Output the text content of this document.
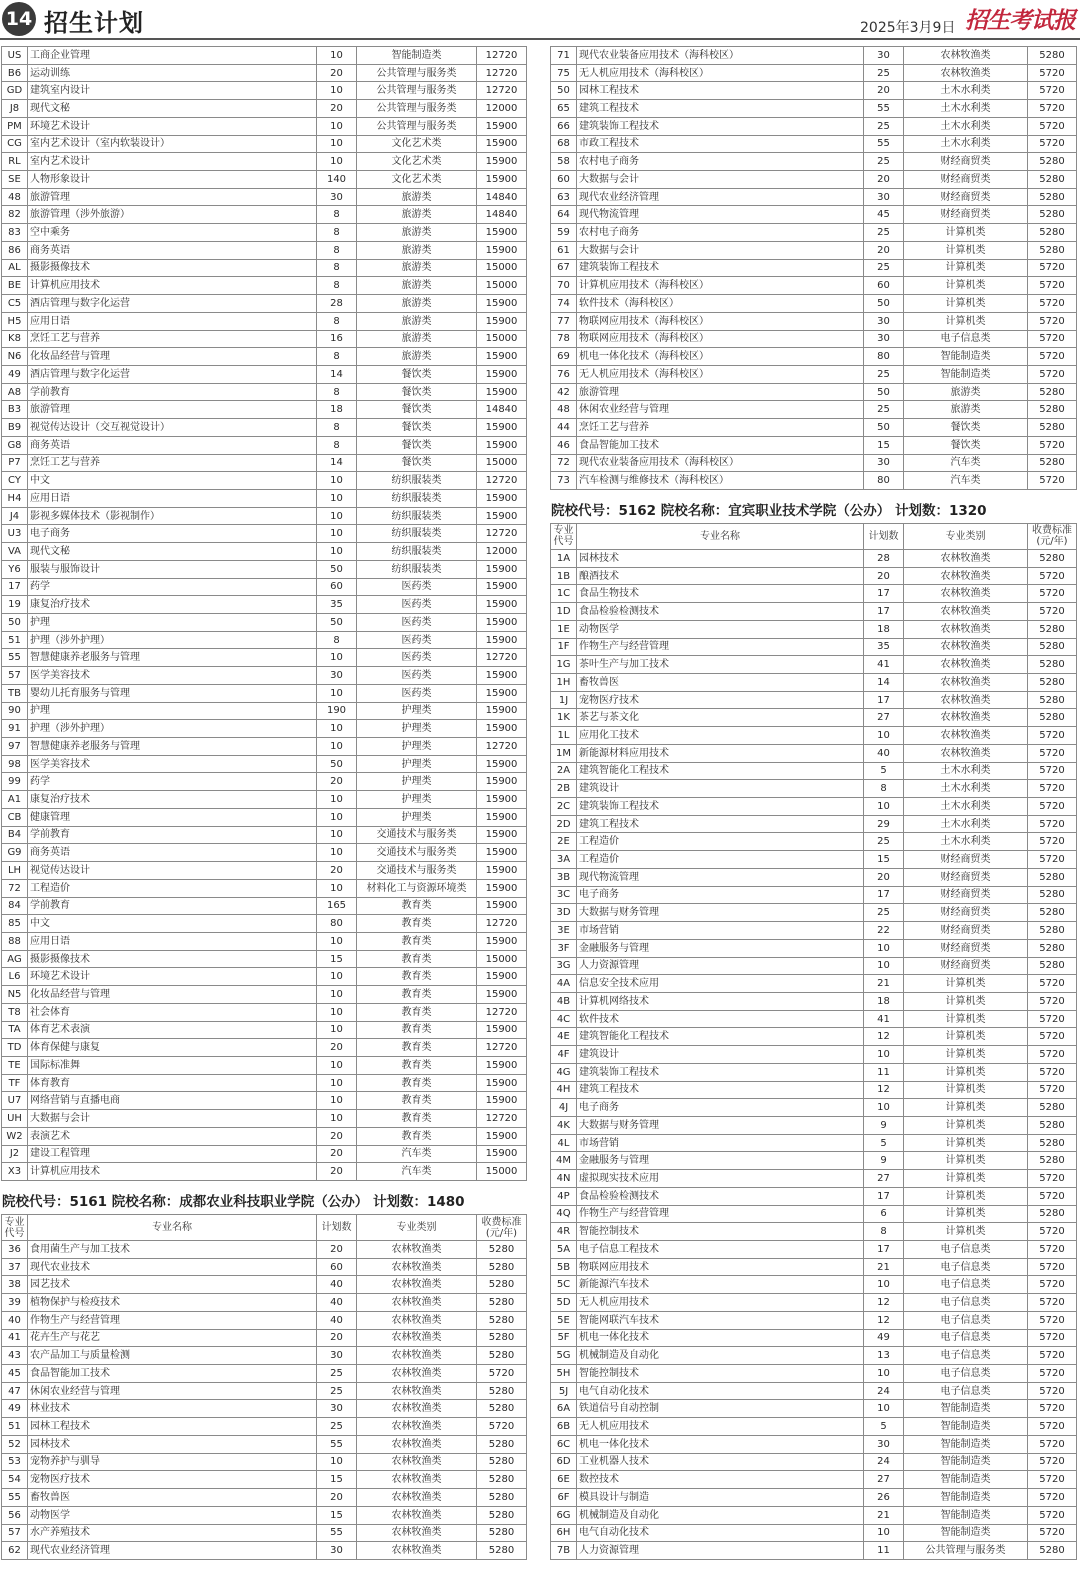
14 招生计划	2025年3月9日 招生考试报
US	工商企业管理	10	智能制造类	12720
B6	运动训练	20	公共管理与服务类	12720
GD	建筑室内设计	10	公共管理与服务类	12720
J8	现代文秘	20	公共管理与服务类	12000
PM	环境艺术设计	10	公共管理与服务类	15900
CG	室内艺术设计（室内软装设计）	10	文化艺术类	15900
RL	室内艺术设计	10	文化艺术类	15900
SE	人物形象设计	140	文化艺术类	15900
48	旅游管理	30	旅游类	14840
82	旅游管理（涉外旅游）	8	旅游类	14840
83	空中乘务	8	旅游类	15900
86	商务英语	8	旅游类	15900
AL	摄影摄像技术	8	旅游类	15000
BE	计算机应用技术	8	旅游类	15000
C5	酒店管理与数字化运营	28	旅游类	15900
H5	应用日语	8	旅游类	15900
K8	烹饪工艺与营养	16	旅游类	15000
N6	化妆品经营与管理	8	旅游类	15900
49	酒店管理与数字化运营	14	餐饮类	15900
A8	学前教育	8	餐饮类	15900
B3	旅游管理	18	餐饮类	14840
B9	视觉传达设计（交互视觉设计）	8	餐饮类	15900
G8	商务英语	8	餐饮类	15900
P7	烹饪工艺与营养	14	餐饮类	15000
CY	中文	10	纺织服装类	12720
H4	应用日语	10	纺织服装类	15900
J4	影视多媒体技术（影视制作）	10	纺织服装类	15900
U3	电子商务	10	纺织服装类	12720
VA	现代文秘	10	纺织服装类	12000
Y6	服装与服饰设计	50	纺织服装类	15900
17	药学	60	医药类	15900
19	康复治疗技术	35	医药类	15900
50	护理	50	医药类	15900
51	护理（涉外护理）	8	医药类	15900
55	智慧健康养老服务与管理	10	医药类	12720
57	医学美容技术	30	医药类	15900
TB	婴幼儿托育服务与管理	10	医药类	15900
90	护理	190	护理类	15900
91	护理（涉外护理）	10	护理类	15900
97	智慧健康养老服务与管理	10	护理类	12720
98	医学美容技术	50	护理类	15900
99	药学	20	护理类	15900
A1	康复治疗技术	10	护理类	15900
CB	健康管理	10	护理类	15900
B4	学前教育	10	交通技术与服务类	15900
G9	商务英语	10	交通技术与服务类	15900
LH	视觉传达设计	20	交通技术与服务类	15900
72	工程造价	10	材料化工与资源环境类	15900
84	学前教育	165	教育类	15900
85	中文	80	教育类	12720
88	应用日语	10	教育类	15900
AG	摄影摄像技术	15	教育类	15000
L6	环境艺术设计	10	教育类	15900
N5	化妆品经营与管理	10	教育类	15900
T8	社会体育	10	教育类	12720
TA	体育艺术表演	10	教育类	15900
TD	体育保健与康复	20	教育类	12720
TE	国际标准舞	10	教育类	15900
TF	体育教育	10	教育类	15900
U7	网络营销与直播电商	10	教育类	15900
UH	大数据与会计	10	教育类	12720
W2	表演艺术	20	教育类	15900
J2	建设工程管理	20	汽车类	15900
X3	计算机应用技术	20	汽车类	15000
院校代号：5161 院校名称：成都农业科技职业学院（公办） 计划数：1480
专业代号	专业名称	计划数	专业类别	收费标准(元/年)
36	食用菌生产与加工技术	20	农林牧渔类	5280
37	现代农业技术	60	农林牧渔类	5280
38	园艺技术	40	农林牧渔类	5280
39	植物保护与检疫技术	40	农林牧渔类	5280
40	作物生产与经营管理	40	农林牧渔类	5280
41	花卉生产与花艺	20	农林牧渔类	5280
43	农产品加工与质量检测	30	农林牧渔类	5280
45	食品智能加工技术	25	农林牧渔类	5720
47	休闲农业经营与管理	25	农林牧渔类	5280
49	林业技术	30	农林牧渔类	5280
51	园林工程技术	25	农林牧渔类	5720
52	园林技术	55	农林牧渔类	5280
53	宠物养护与驯导	10	农林牧渔类	5280
54	宠物医疗技术	15	农林牧渔类	5280
55	畜牧兽医	20	农林牧渔类	5280
56	动物医学	15	农林牧渔类	5280
57	水产养殖技术	55	农林牧渔类	5280
62	现代农业经济管理	30	农林牧渔类	5280
71	现代农业装备应用技术（海科校区）	30	农林牧渔类	5280
75	无人机应用技术（海科校区）	25	农林牧渔类	5720
50	园林工程技术	20	土木水利类	5720
65	建筑工程技术	55	土木水利类	5720
66	建筑装饰工程技术	25	土木水利类	5720
68	市政工程技术	55	土木水利类	5720
58	农村电子商务	25	财经商贸类	5280
60	大数据与会计	20	财经商贸类	5280
63	现代农业经济管理	30	财经商贸类	5280
64	现代物流管理	45	财经商贸类	5280
59	农村电子商务	25	计算机类	5280
61	大数据与会计	20	计算机类	5280
67	建筑装饰工程技术	25	计算机类	5720
70	计算机应用技术（海科校区）	60	计算机类	5720
74	软件技术（海科校区）	50	计算机类	5720
77	物联网应用技术（海科校区）	30	计算机类	5720
78	物联网应用技术（海科校区）	30	电子信息类	5720
69	机电一体化技术（海科校区）	80	智能制造类	5720
76	无人机应用技术（海科校区）	25	智能制造类	5720
42	旅游管理	50	旅游类	5280
48	休闲农业经营与管理	25	旅游类	5280
44	烹饪工艺与营养	50	餐饮类	5280
46	食品智能加工技术	15	餐饮类	5720
72	现代农业装备应用技术（海科校区）	30	汽车类	5280
73	汽车检测与维修技术（海科校区）	80	汽车类	5720
院校代号：5162 院校名称：宜宾职业技术学院（公办） 计划数：1320
专业代号	专业名称	计划数	专业类别	收费标准(元/年)
1A	园林技术	28	农林牧渔类	5280
1B	酿酒技术	20	农林牧渔类	5720
1C	食品生物技术	17	农林牧渔类	5720
1D	食品检验检测技术	17	农林牧渔类	5720
1E	动物医学	18	农林牧渔类	5280
1F	作物生产与经营管理	35	农林牧渔类	5280
1G	茶叶生产与加工技术	41	农林牧渔类	5280
1H	畜牧兽医	14	农林牧渔类	5280
1J	宠物医疗技术	17	农林牧渔类	5280
1K	茶艺与茶文化	27	农林牧渔类	5280
1L	应用化工技术	10	农林牧渔类	5720
1M	新能源材料应用技术	40	农林牧渔类	5720
2A	建筑智能化工程技术	5	土木水利类	5720
2B	建筑设计	8	土木水利类	5720
2C	建筑装饰工程技术	10	土木水利类	5720
2D	建筑工程技术	29	土木水利类	5720
2E	工程造价	25	土木水利类	5720
3A	工程造价	15	财经商贸类	5720
3B	现代物流管理	20	财经商贸类	5280
3C	电子商务	17	财经商贸类	5280
3D	大数据与财务管理	25	财经商贸类	5280
3E	市场营销	22	财经商贸类	5280
3F	金融服务与管理	10	财经商贸类	5280
3G	人力资源管理	10	财经商贸类	5280
4A	信息安全技术应用	21	计算机类	5720
4B	计算机网络技术	18	计算机类	5720
4C	软件技术	41	计算机类	5720
4E	建筑智能化工程技术	12	计算机类	5720
4F	建筑设计	10	计算机类	5720
4G	建筑装饰工程技术	11	计算机类	5720
4H	建筑工程技术	12	计算机类	5720
4J	电子商务	10	计算机类	5280
4K	大数据与财务管理	9	计算机类	5280
4L	市场营销	5	计算机类	5280
4M	金融服务与管理	9	计算机类	5280
4N	虚拟现实技术应用	27	计算机类	5720
4P	食品检验检测技术	17	计算机类	5720
4Q	作物生产与经营管理	6	计算机类	5280
4R	智能控制技术	8	计算机类	5720
5A	电子信息工程技术	17	电子信息类	5720
5B	物联网应用技术	21	电子信息类	5720
5C	新能源汽车技术	10	电子信息类	5720
5D	无人机应用技术	12	电子信息类	5720
5E	智能网联汽车技术	12	电子信息类	5720
5F	机电一体化技术	49	电子信息类	5720
5G	机械制造及自动化	13	电子信息类	5720
5H	智能控制技术	10	电子信息类	5720
5J	电气自动化技术	24	电子信息类	5720
6A	铁道信号自动控制	10	智能制造类	5720
6B	无人机应用技术	5	智能制造类	5720
6C	机电一体化技术	30	智能制造类	5720
6D	工业机器人技术	24	智能制造类	5720
6E	数控技术	27	智能制造类	5720
6F	模具设计与制造	26	智能制造类	5720
6G	机械制造及自动化	21	智能制造类	5720
6H	电气自动化技术	10	智能制造类	5720
7B	人力资源管理	11	公共管理与服务类	5280
